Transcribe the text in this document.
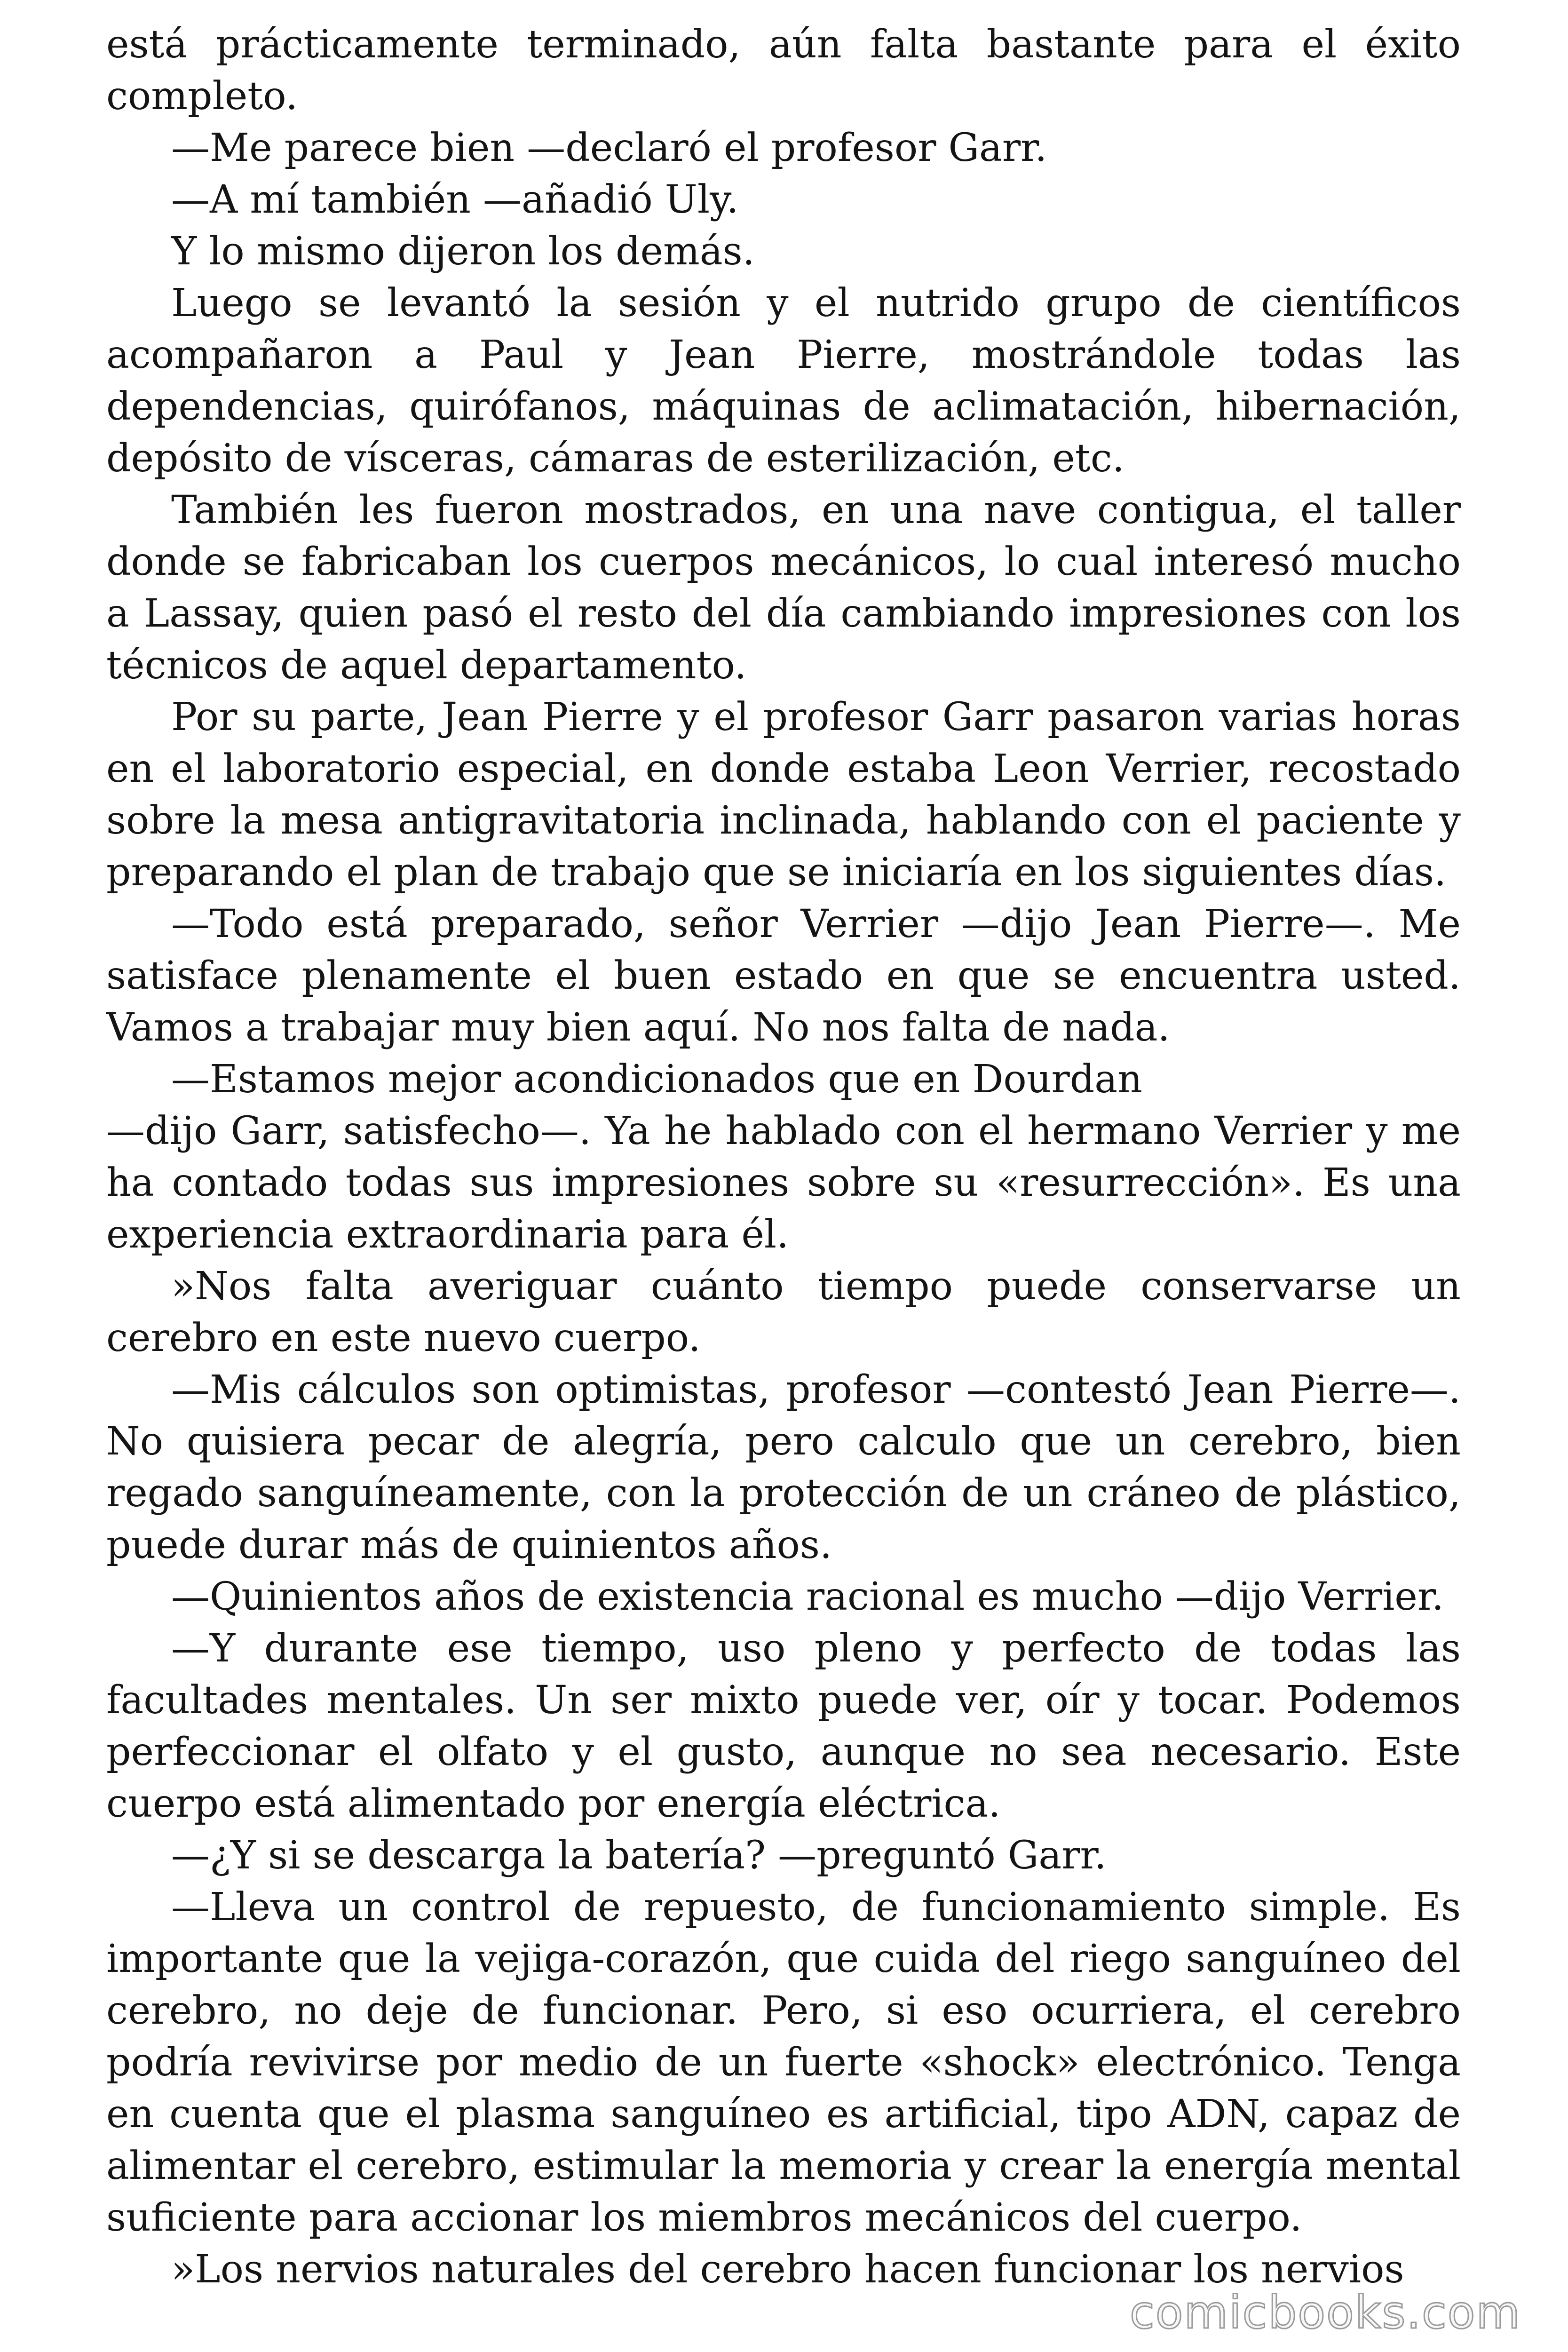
está prácticamente terminado, aún falta bastante para el éxito completo.

—Me parece bien —declaró el profesor Garr.

—A mí también —añadió Uly.

Y lo mismo dijeron los demás.

Luego se levantó la sesión y el nutrido grupo de científicos acompañaron a Paul y Jean Pierre, mostrándole todas las dependencias, quirófanos, máquinas de aclimatación, hibernación, depósito de vísceras, cámaras de esterilización, etc.

También les fueron mostrados, en una nave contigua, el taller donde se fabricaban los cuerpos mecánicos, lo cual interesó mucho a Lassay, quien pasó el resto del día cambiando impresiones con los técnicos de aquel departamento.

Por su parte, Jean Pierre y el profesor Garr pasaron varias horas en el laboratorio especial, en donde estaba Leon Verrier, recostado sobre la mesa antigravitatoria inclinada, hablando con el paciente y preparando el plan de trabajo que se iniciaría en los siguientes días.

—Todo está preparado, señor Verrier —dijo Jean Pierre—. Me satisface plenamente el buen estado en que se encuentra usted. Vamos a trabajar muy bien aquí. No nos falta de nada.

—Estamos mejor acondicionados que en Dourdan

—dijo Garr, satisfecho—. Ya he hablado con el hermano Verrier y me ha contado todas sus impresiones sobre su «resurrección». Es una experiencia extraordinaria para él.

»Nos falta averiguar cuánto tiempo puede conservarse un cerebro en este nuevo cuerpo.

—Mis cálculos son optimistas, profesor —contestó Jean Pierre—. No quisiera pecar de alegría, pero calculo que un cerebro, bien regado sanguíneamente, con la protección de un cráneo de plástico, puede durar más de quinientos años.

—Quinientos años de existencia racional es mucho —dijo Verrier.

—Y durante ese tiempo, uso pleno y perfecto de todas las facultades mentales. Un ser mixto puede ver, oír y tocar. Podemos perfeccionar el olfato y el gusto, aunque no sea necesario. Este cuerpo está alimentado por energía eléctrica.

—¿Y si se descarga la batería? —preguntó Garr.

—Lleva un control de repuesto, de funcionamiento simple. Es importante que la vejiga-corazón, que cuida del riego sanguíneo del cerebro, no deje de funcionar. Pero, si eso ocurriera, el cerebro podría revivirse por medio de un fuerte «shock» electrónico. Tenga en cuenta que el plasma sanguíneo es artificial, tipo ADN, capaz de alimentar el cerebro, estimular la memoria y crear la energía mental suficiente para accionar los miembros mecánicos del cuerpo.

»Los nervios naturales del cerebro hacen funcionar los nervios

comicbooks.com
